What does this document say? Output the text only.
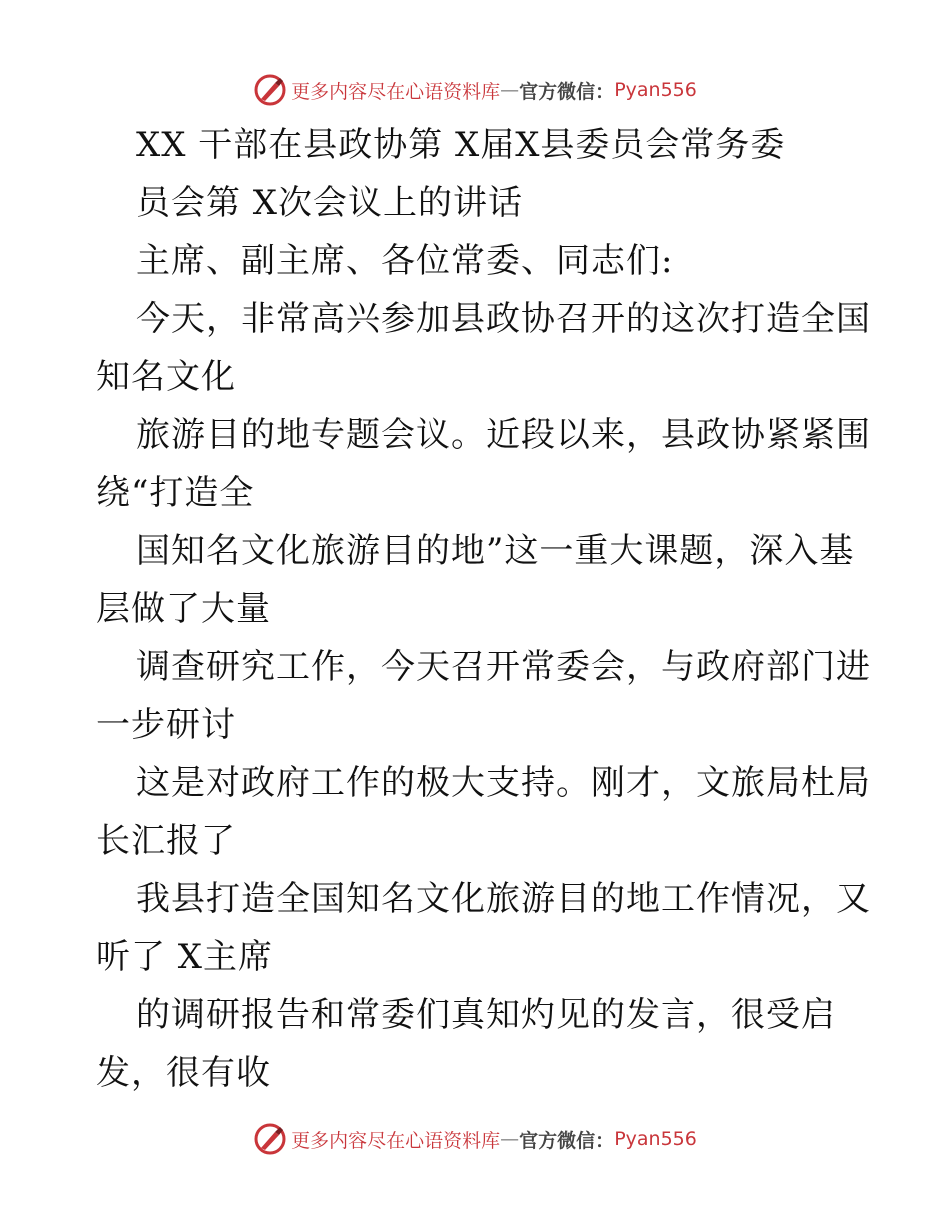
更多内容尽在心语资料库 — 官方微信： Pyan556
XX 干部在县政协第 X届X县委员会常务委
员会第 X次会议上的讲话
主席、副主席、各位常委、同志们:
今天，非常高兴参加县政协召开的这次打造全国
知名文化
旅游目的地专题会议。近段以来，县政协紧紧围
绕“打造全
国知名文化旅游目的地”这一重大课题，深入基
层做了大量
调查研究工作，今天召开常委会，与政府部门进
一步研讨
这是对政府工作的极大支持。刚才，文旅局杜局
长汇报了
我县打造全国知名文化旅游目的地工作情况，又
听了 X主席
的调研报告和常委们真知灼见的发言，很受启
发，很有收
更多内容尽在心语资料库 — 官方微信： Pyan556
